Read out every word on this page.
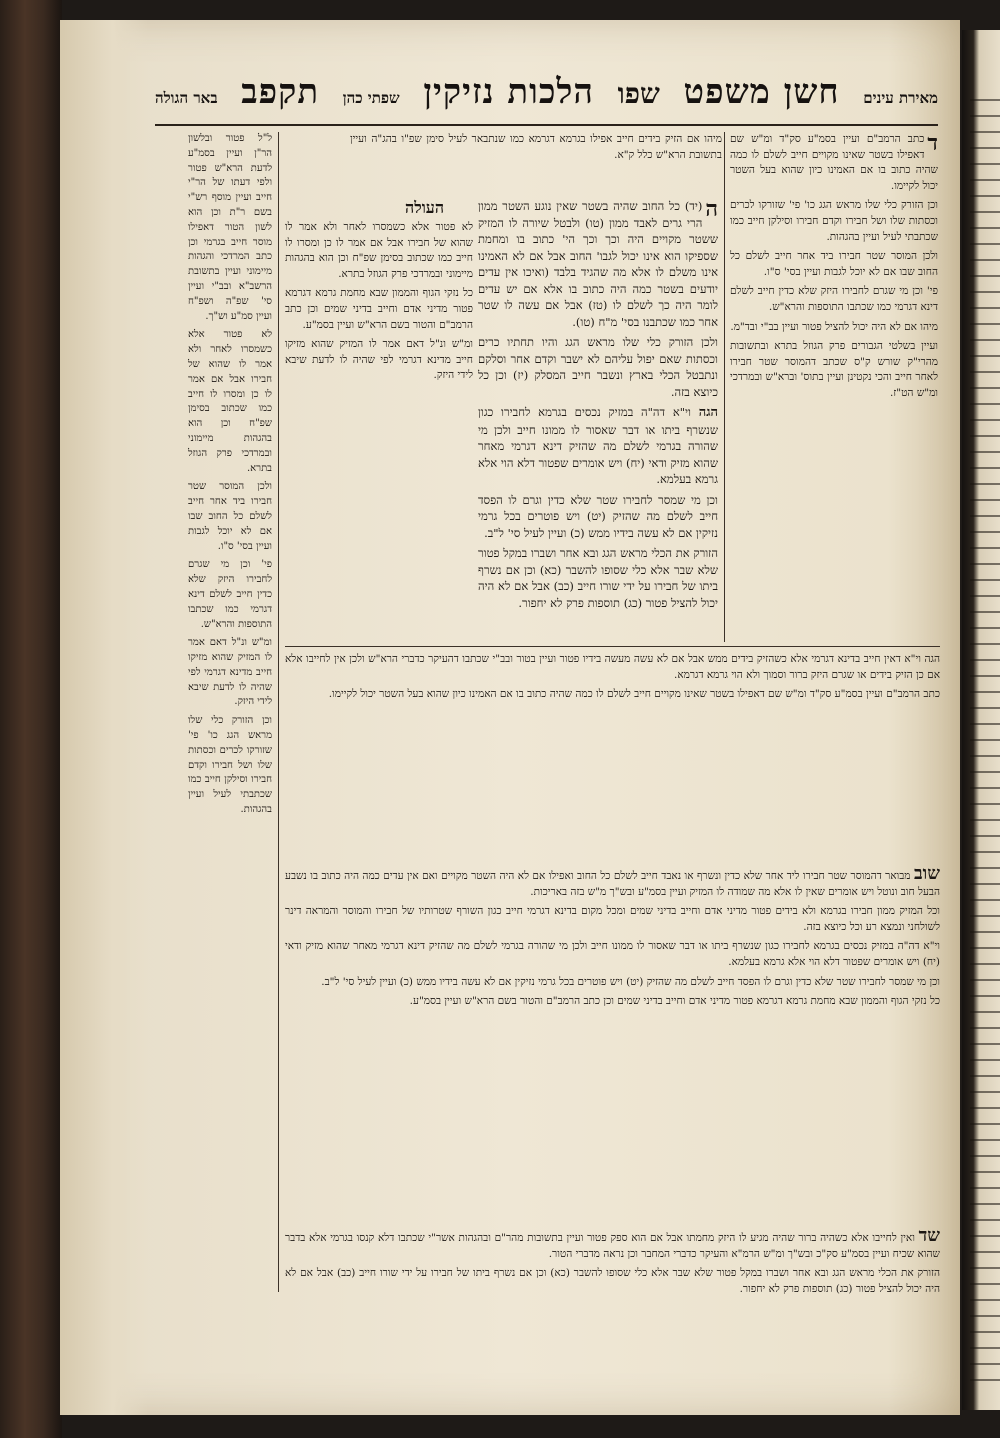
מאירת עינים
חשן משפט
שפו
הלכות נזיקין
שפתי כהן
תקפב
באר הגולה
ד

כתב הרמב"ם ועיין בסמ"ע סק"ד ומ"ש שם דאפילו בשטר שאינו מקויים חייב לשלם לו כמה שהיה כתוב בו אם האמינו כיון שהוא בעל השטר יכול לקיימו.

וכן הזורק כלי שלו מראש הגג כו' פי' שזורקו לכרים וכסתות שלו ושל חבירו וקדם חבירו וסילקן חייב כמו שכתבתי לעיל ועיין בהגהות.

ולכן המוסר שטר חבירו ביד אחר חייב לשלם כל החוב שבו אם לא יוכל לגבות ועיין בסי' ס"ו.

פי' וכן מי שגרם לחבירו היזק שלא כדין חייב לשלם דינא דגרמי כמו שכתבו התוספות והרא"ש.

מיהו אם לא היה יכול להציל פטור ועיין בב"י ובד"מ.

ועיין בשלטי הגבורים פרק הגוזל בתרא ובתשובות מהרי"ק שורש ק"ס שכתב דהמוסר שטר חבירו לאחר חייב והכי נקטינן ועיין בתוס' וברא"ש ובמרדכי ומ"ש הט"ז.

ה

(יד) כל החוב שהיה בשטר שאין נוגע השטר ממון הרי גרים לאבד ממון (טו) ולבטל שיורה לו המזיק ששטר מקויים היה וכך וכך הי' כתוב בו ומחמת שספיקו הוא אינו יכול לגבו' החוב אבל אם לא האמינו אינו משלם לו אלא מה שהגיד בלבד (ואיכו אין עדים יודעים בשטר כמה היה כתוב בו אלא אם יש עדים לומר היה כך לשלם לו (טז) אבל אם עשה לו שטר אחר כמו שכתבנו בסי' מ"ח (טו).

ולכן הזורק כלי שלו מראש הגג והיו תחתיו כרים וכסתות שאם יפול עליהם לא ישבר וקדם אחר וסלקם ונתבטל הכלי בארץ ונשבר חייב המסלק (יז) וכן כל כיוצא בזה.

הגה וי"א דה"ה במזיק נכסים בגרמא לחבירו כגון שנשרף ביתו או דבר שאסור לו ממונו חייב ולכן מי שהורה בגרמי לשלם מה שהזיק דינא דגרמי מאחר שהוא מזיק ודאי (יח) ויש אומרים שפטור דלא הוי אלא גרמא בעלמא.

וכן מי שמסר לחבירו שטר שלא כדין וגרם לו הפסד חייב לשלם מה שהזיק (יט) ויש פוטרים בכל גרמי נזיקין אם לא עשה בידיו ממש (כ) ועיין לעיל סי' ל"ב.

הזורק את הכלי מראש הגג ובא אחר ושברו במקל פטור שלא שבר אלא כלי שסופו להשבר (כא) וכן אם נשרף ביתו של חבירו על ידי שורו חייב (כב) אבל אם לא היה יכול להציל פטור (כג) תוספות פרק לא יחפור.

מיהו אם הזיק בידים חייב אפילו בגרמא דגרמא כמו שנתבאר לעיל סימן שפ"ו בהג"ה ועיין בתשובת הרא"ש כלל ק"א.

העולה

לא פטור אלא כשמסרו לאחר ולא אמר לו שהוא של חבירו אבל אם אמר לו כן ומסרו לו חייב כמו שכתוב בסימן שפ"ח וכן הוא בהגהות מיימוני ובמרדכי פרק הגוזל בתרא.

כל נזקי הגוף והממון שבא מחמת גרמא דגרמא פטור מדיני אדם וחייב בדיני שמים וכן כתב הרמב"ם והטור בשם הרא"ש ועיין בסמ"ע.

ומ"ש ונ"ל דאם אמר לו המזיק שהוא מזיקו חייב מדינא דגרמי לפי שהיה לו לדעת שיבא לידי היזק.

ל"ל פטור ובלשון הר"ן ועיין בסמ"ע לדעת הרא"ש פטור ולפי דעתו של הר"י חייב ועיין מוסף רש"י בשם ר"ת וכן הוא לשון הטור דאפילו מוסר חייב בגרמי וכן כתב המרדכי והגהות מיימוני ועיין בתשובת הרשב"א ובב"י ועיין סי' שפ"ה ושפ"ח ועיין סמ"ע וש"ך.

לא פטור אלא כשמסרו לאחר ולא אמר לו שהוא של חבירו אבל אם אמר לו כן ומסרו לו חייב כמו שכתוב בסימן שפ"ח וכן הוא בהגהות מיימוני ובמרדכי פרק הגוזל בתרא.

ולכן המוסר שטר חבירו ביד אחר חייב לשלם כל החוב שבו אם לא יוכל לגבות ועיין בסי' ס"ו.

פי' וכן מי שגרם לחבירו היזק שלא כדין חייב לשלם דינא דגרמי כמו שכתבו התוספות והרא"ש.

ומ"ש ונ"ל דאם אמר לו המזיק שהוא מזיקו חייב מדינא דגרמי לפי שהיה לו לדעת שיבא לידי היזק.

וכן הזורק כלי שלו מראש הגג כו' פי' שזורקו לכרים וכסתות שלו ושל חבירו וקדם חבירו וסילקן חייב כמו שכתבתי לעיל ועיין בהגהות.

הגה וי"א דאין חייב בדינא דגרמי אלא כשהזיק בידים ממש אבל אם לא עשה מעשה בידיו פטור ועיין בטור ובב"י שכתבו דהעיקר כדברי הרא"ש ולכן אין לחייבו אלא אם כן הזיק בידים או שגרם היזק ברור וסמוך ולא הוי גרמא דגרמא.

כתב הרמב"ם ועיין בסמ"ע סק"ד ומ"ש שם דאפילו בשטר שאינו מקויים חייב לשלם לו כמה שהיה כתוב בו אם האמינו כיון שהוא בעל השטר יכול לקיימו.

שוב מבואר דהמוסר שטר חבירו ליד אחר שלא כדין ונשרף או נאבד חייב לשלם כל החוב ואפילו אם לא היה השטר מקויים ואם אין עדים כמה היה כתוב בו נשבע הבעל חוב ונוטל ויש אומרים שאין לו אלא מה שמודה לו המזיק ועיין בסמ"ע ובש"ך מ"ש בזה באריכות.

וכל המזיק ממון חבירו בגרמא ולא בידים פטור מדיני אדם וחייב בדיני שמים ומכל מקום בדינא דגרמי חייב כגון השורף שטרותיו של חבירו והמוסר והמראה דינר לשולחני ונמצא רע וכל כיוצא בזה.

וי"א דה"ה במזיק נכסים בגרמא לחבירו כגון שנשרף ביתו או דבר שאסור לו ממונו חייב ולכן מי שהורה בגרמי לשלם מה שהזיק דינא דגרמי מאחר שהוא מזיק ודאי (יח) ויש אומרים שפטור דלא הוי אלא גרמא בעלמא.

וכן מי שמסר לחבירו שטר שלא כדין וגרם לו הפסד חייב לשלם מה שהזיק (יט) ויש פוטרים בכל גרמי נזיקין אם לא עשה בידיו ממש (כ) ועיין לעיל סי' ל"ב.

כל נזקי הגוף והממון שבא מחמת גרמא דגרמא פטור מדיני אדם וחייב בדיני שמים וכן כתב הרמב"ם והטור בשם הרא"ש ועיין בסמ"ע.

שד ואין לחייבו אלא כשהיה ברור שהיה מגיע לו היזק מחמתו אבל אם הוא ספק פטור ועיין בתשובות מהר"ם ובהגהות אשר"י שכתבו דלא קנסו בגרמי אלא בדבר שהוא שכיח ועיין בסמ"ע סק"כ ובש"ך ומ"ש הרמ"א והעיקר כדברי המחבר וכן נראה מדברי הטור.

הזורק את הכלי מראש הגג ובא אחר ושברו במקל פטור שלא שבר אלא כלי שסופו להשבר (כא) וכן אם נשרף ביתו של חבירו על ידי שורו חייב (כב) אבל אם לא היה יכול להציל פטור (כג) תוספות פרק לא יחפור.
